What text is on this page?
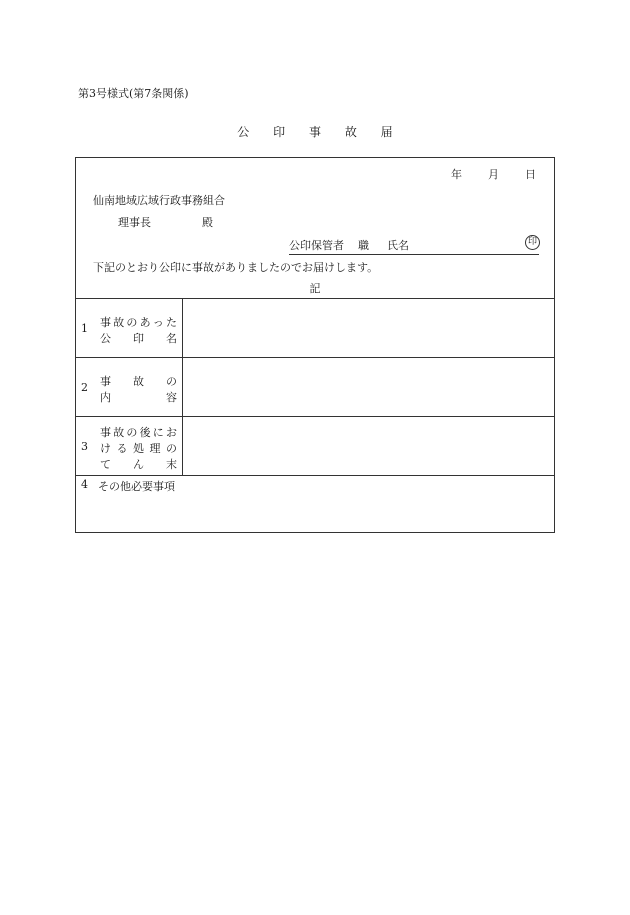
第3号様式(第7条関係)
公 印 事 故 届
年 月 日
仙南地域広域行政事務組合
理事長	殿
公印保管者 職 氏名	印
下記のとおり公印に事故がありましたのでお届けします。
記
1 事 故 の あ っ た
公 印 名
2 事 故 の
内	容
3
事 故 の 後 に お
け る 処 理 の
て ん 末
4 その他必要事項
